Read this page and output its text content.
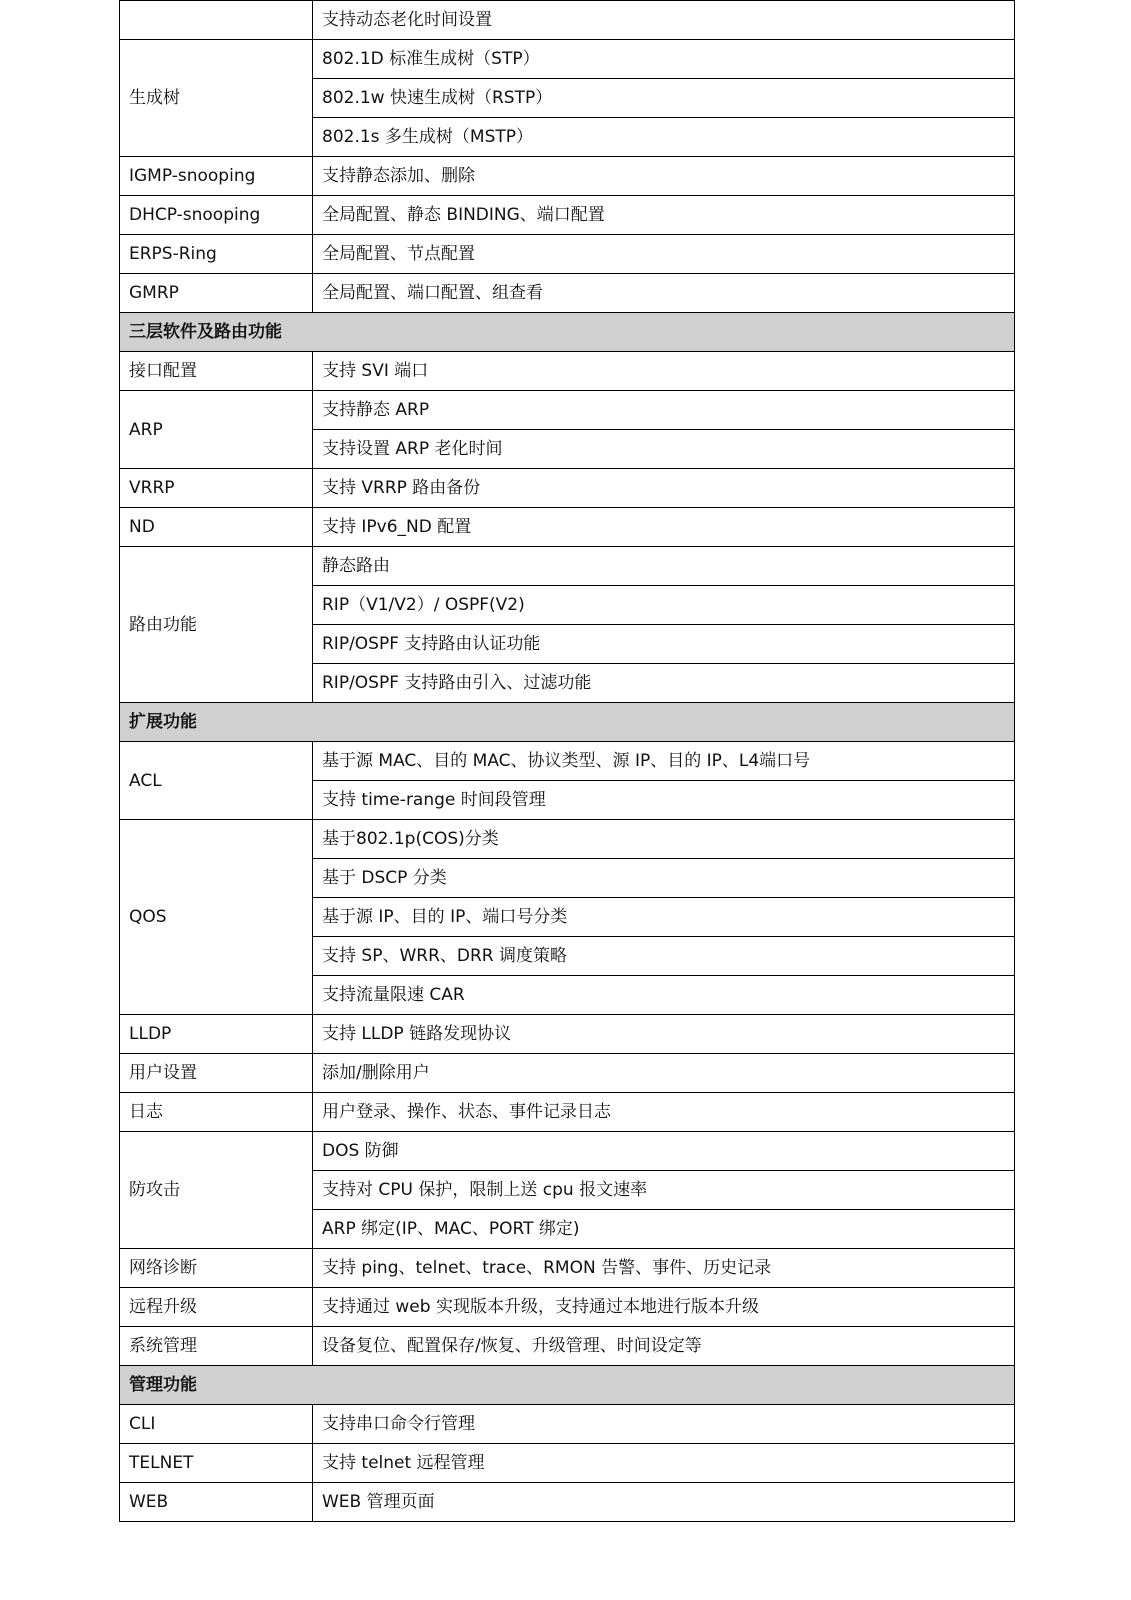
	支持动态老化时间设置
生成树	802.1D 标准生成树（STP）
	802.1w 快速生成树（RSTP）
	802.1s 多生成树（MSTP）
IGMP-snooping	支持静态添加、删除
DHCP-snooping	全局配置、静态 BINDING、端口配置
ERPS-Ring	全局配置、节点配置
GMRP	全局配置、端口配置、组查看
三层软件及路由功能	
接口配置	支持 SVI 端口
ARP	支持静态 ARP
	支持设置 ARP 老化时间
VRRP	支持 VRRP 路由备份
ND	支持 IPv6_ND 配置
路由功能	静态路由
	RIP（V1/V2）/ OSPF(V2)
	RIP/OSPF 支持路由认证功能
	RIP/OSPF 支持路由引入、过滤功能
扩展功能	
ACL	基于源 MAC、目的 MAC、协议类型、源 IP、目的 IP、L4端口号
	支持 time-range 时间段管理
QOS	基于802.1p(COS)分类
	基于 DSCP 分类
	基于源 IP、目的 IP、端口号分类
	支持 SP、WRR、DRR 调度策略
	支持流量限速 CAR
LLDP	支持 LLDP 链路发现协议
用户设置	添加/删除用户
日志	用户登录、操作、状态、事件记录日志
防攻击	DOS 防御
	支持对 CPU 保护，限制上送 cpu 报文速率
	ARP 绑定(IP、MAC、PORT 绑定)
网络诊断	支持 ping、telnet、trace、RMON 告警、事件、历史记录
远程升级	支持通过 web 实现版本升级，支持通过本地进行版本升级
系统管理	设备复位、配置保存/恢复、升级管理、时间设定等
管理功能	
CLI	支持串口命令行管理
TELNET	支持 telnet 远程管理
WEB	WEB 管理页面
